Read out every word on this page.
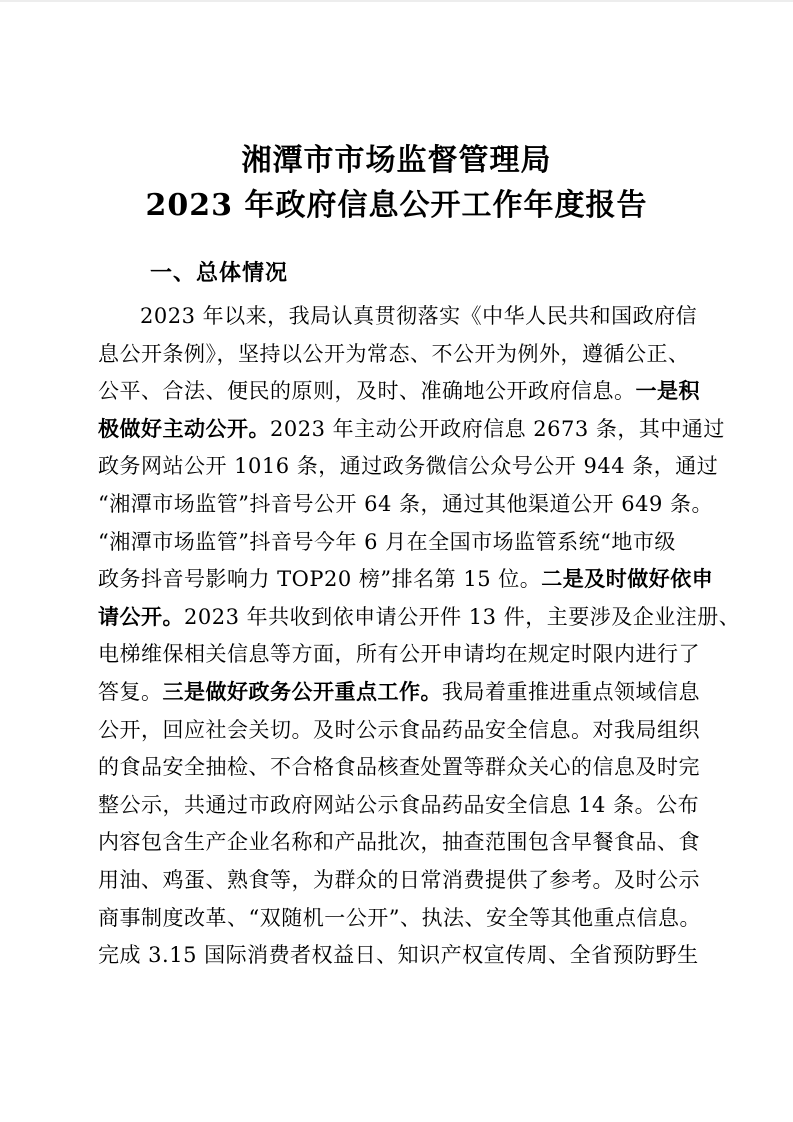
湘潭市市场监督管理局
2023 年政府信息公开工作年度报告
一、总体情况
2023 年以来，我局认真贯彻落实《中华人民共和国政府信
息公开条例》，坚持以公开为常态、不公开为例外，遵循公正、
公平、合法、便民的原则，及时、准确地公开政府信息。一是积
极做好主动公开。2023 年主动公开政府信息 2673 条，其中通过
政务网站公开 1016 条，通过政务微信公众号公开 944 条，通过
“湘潭市场监管”抖音号公开 64 条，通过其他渠道公开 649 条。
“湘潭市场监管”抖音号今年 6 月在全国市场监管系统“地市级
政务抖音号影响力 TOP20 榜”排名第 15 位。二是及时做好依申
请公开。2023 年共收到依申请公开件 13 件，主要涉及企业注册、
电梯维保相关信息等方面，所有公开申请均在规定时限内进行了
答复。三是做好政务公开重点工作。我局着重推进重点领域信息
公开，回应社会关切。及时公示食品药品安全信息。对我局组织
的食品安全抽检、不合格食品核查处置等群众关心的信息及时完
整公示，共通过市政府网站公示食品药品安全信息 14 条。公布
内容包含生产企业名称和产品批次，抽查范围包含早餐食品、食
用油、鸡蛋、熟食等，为群众的日常消费提供了参考。及时公示
商事制度改革、“双随机一公开”、执法、安全等其他重点信息。
完成 3.15 国际消费者权益日、知识产权宣传周、全省预防野生
